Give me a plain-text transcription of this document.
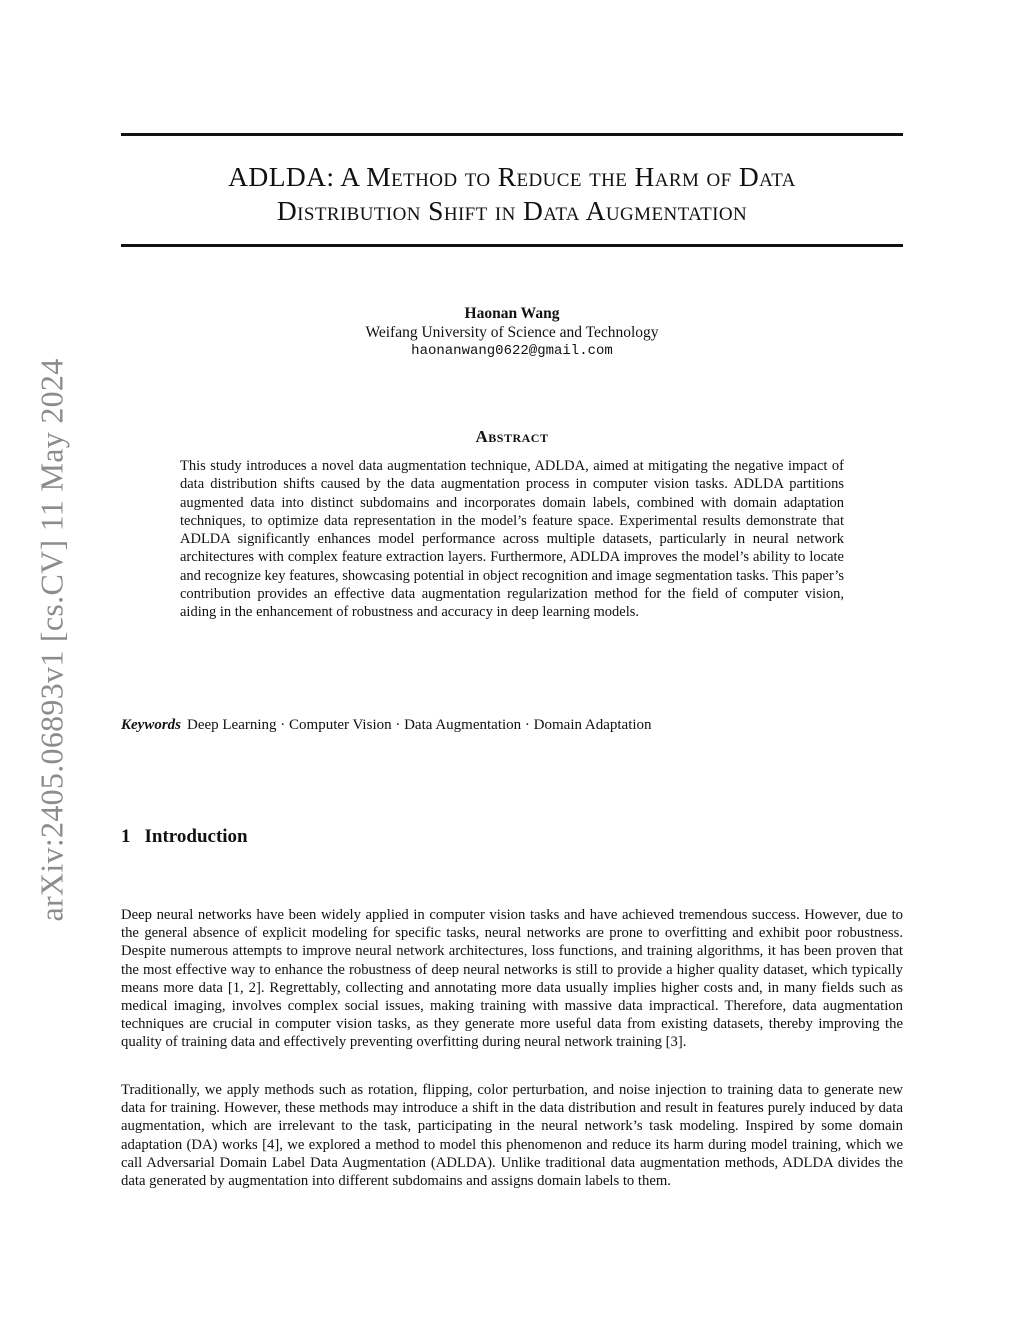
arXiv:2405.06893v1 [cs.CV] 11 May 2024
ADLDA: A Method to Reduce the Harm of Data
Distribution Shift in Data Augmentation
Haonan Wang
Weifang University of Science and Technology
haonanwang0622@gmail.com
Abstract

This study introduces a novel data augmentation technique, ADLDA, aimed at mitigating the negative impact of data distribution shifts caused by the data augmentation process in computer vision tasks. ADLDA partitions augmented data into distinct subdomains and incorporates domain labels, combined with domain adaptation techniques, to optimize data representation in the model’s feature space. Experimental results demonstrate that ADLDA significantly enhances model performance across multiple datasets, particularly in neural network architectures with complex feature extraction layers. Furthermore, ADLDA improves the model’s ability to locate and recognize key features, showcasing potential in object recognition and image segmentation tasks. This paper’s contribution provides an effective data augmentation regularization method for the field of computer vision, aiding in the enhancement of robustness and accuracy in deep learning models.

Keywords Deep Learning · Computer Vision · Data Augmentation · Domain Adaptation
1 Introduction

Deep neural networks have been widely applied in computer vision tasks and have achieved tremendous success. However, due to the general absence of explicit modeling for specific tasks, neural networks are prone to overfitting and exhibit poor robustness. Despite numerous attempts to improve neural network architectures, loss functions, and training algorithms, it has been proven that the most effective way to enhance the robustness of deep neural networks is still to provide a higher quality dataset, which typically means more data [1, 2]. Regrettably, collecting and annotating more data usually implies higher costs and, in many fields such as medical imaging, involves complex social issues, making training with massive data impractical. Therefore, data augmentation techniques are crucial in computer vision tasks, as they generate more useful data from existing datasets, thereby improving the quality of training data and effectively preventing overfitting during neural network training [3].

Traditionally, we apply methods such as rotation, flipping, color perturbation, and noise injection to training data to generate new data for training. However, these methods may introduce a shift in the data distribution and result in features purely induced by data augmentation, which are irrelevant to the task, participating in the neural network’s task modeling. Inspired by some domain adaptation (DA) works [4], we explored a method to model this phenomenon and reduce its harm during model training, which we call Adversarial Domain Label Data Augmentation (ADLDA). Unlike traditional data augmentation methods, ADLDA divides the data generated by augmentation into different subdomains and assigns domain labels to them.
